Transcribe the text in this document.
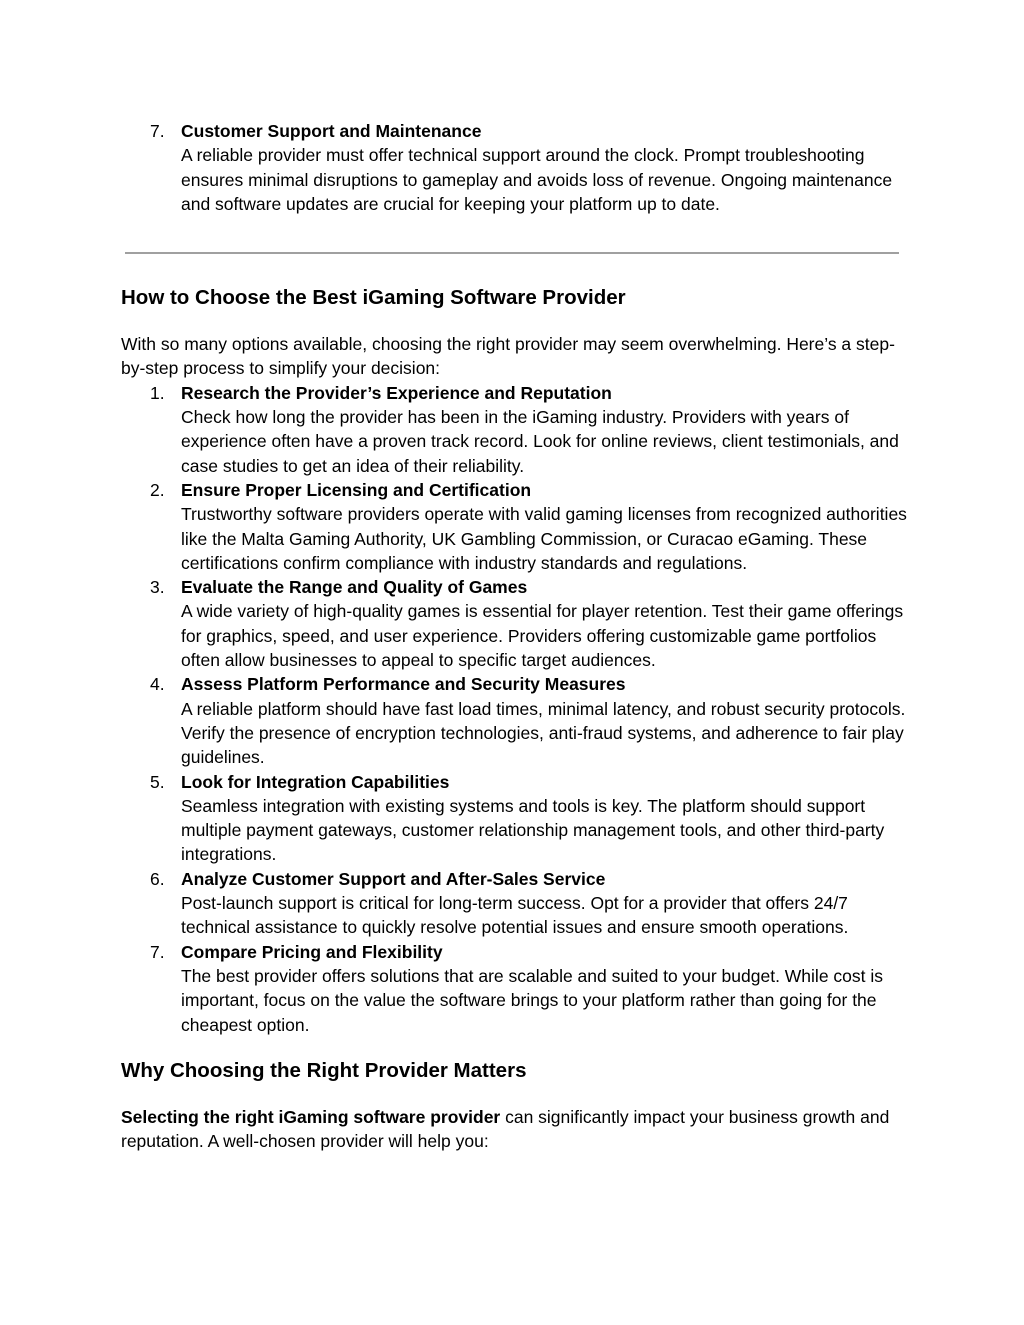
7. Customer Support and Maintenance
A reliable provider must offer technical support around the clock. Prompt troubleshooting ensures minimal disruptions to gameplay and avoids loss of revenue. Ongoing maintenance and software updates are crucial for keeping your platform up to date.
How to Choose the Best iGaming Software Provider

With so many options available, choosing the right provider may seem overwhelming. Here’s a step-by-step process to simplify your decision:

1. Research the Provider’s Experience and Reputation
Check how long the provider has been in the iGaming industry. Providers with years of experience often have a proven track record. Look for online reviews, client testimonials, and case studies to get an idea of their reliability.
2. Ensure Proper Licensing and Certification
Trustworthy software providers operate with valid gaming licenses from recognized authorities like the Malta Gaming Authority, UK Gambling Commission, or Curacao eGaming. These certifications confirm compliance with industry standards and regulations.
3. Evaluate the Range and Quality of Games
A wide variety of high-quality games is essential for player retention. Test their game offerings for graphics, speed, and user experience. Providers offering customizable game portfolios often allow businesses to appeal to specific target audiences.
4. Assess Platform Performance and Security Measures
A reliable platform should have fast load times, minimal latency, and robust security protocols. Verify the presence of encryption technologies, anti-fraud systems, and adherence to fair play guidelines.
5. Look for Integration Capabilities
Seamless integration with existing systems and tools is key. The platform should support multiple payment gateways, customer relationship management tools, and other third-party integrations.
6. Analyze Customer Support and After-Sales Service
Post-launch support is critical for long-term success. Opt for a provider that offers 24/7 technical assistance to quickly resolve potential issues and ensure smooth operations.
7. Compare Pricing and Flexibility
The best provider offers solutions that are scalable and suited to your budget. While cost is important, focus on the value the software brings to your platform rather than going for the cheapest option.
Why Choosing the Right Provider Matters

Selecting the right iGaming software provider can significantly impact your business growth and reputation. A well-chosen provider will help you:
